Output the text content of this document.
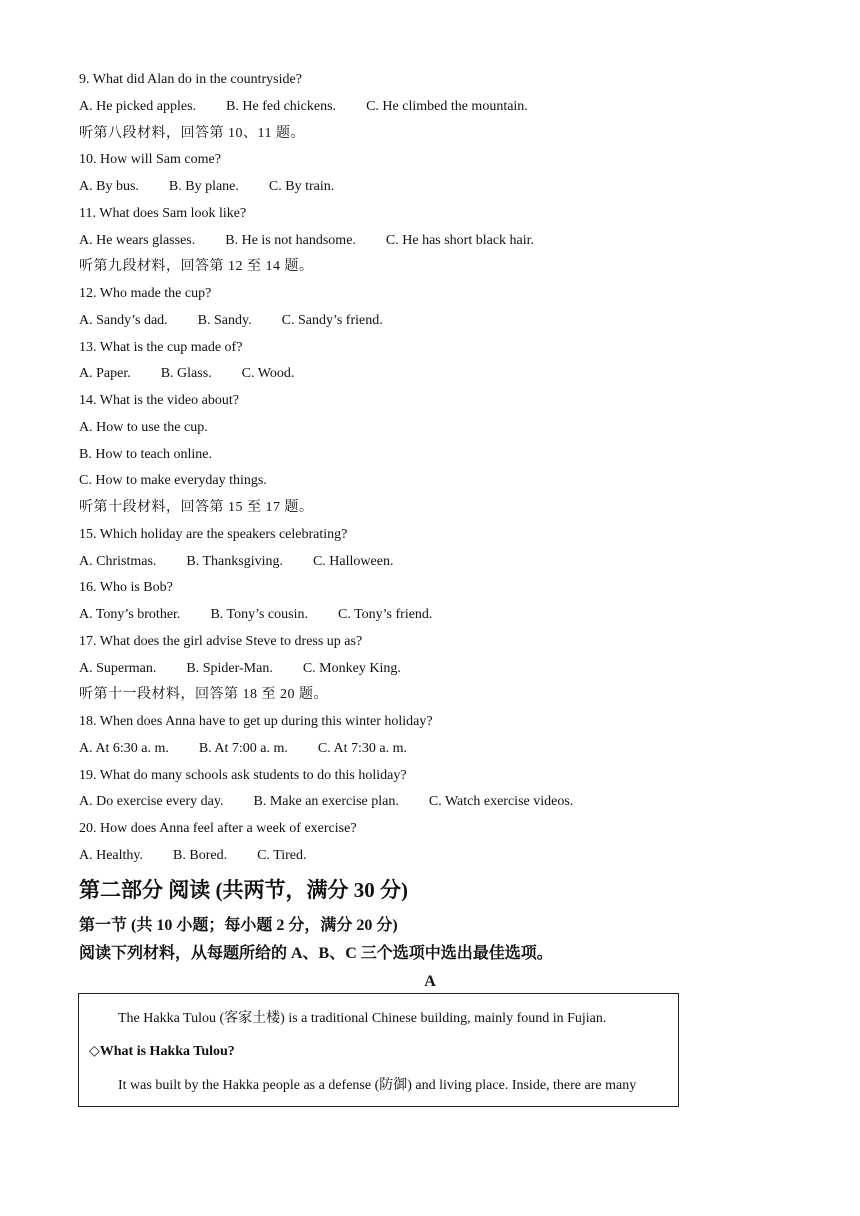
9. What did Alan do in the countryside?
A. He picked apples. B. He fed chickens. C. He climbed the mountain.
听第八段材料，回答第 10、11 题。
10. How will Sam come?
A. By bus. B. By plane. C. By train.
11. What does Sam look like?
A. He wears glasses. B. He is not handsome. C. He has short black hair.
听第九段材料，回答第 12 至 14 题。
12. Who made the cup?
A. Sandy’s dad. B. Sandy. C. Sandy’s friend.
13. What is the cup made of?
A. Paper. B. Glass. C. Wood.
14. What is the video about?
A. How to use the cup.
B. How to teach online.
C. How to make everyday things.
听第十段材料，回答第 15 至 17 题。
15. Which holiday are the speakers celebrating?
A. Christmas. B. Thanksgiving. C. Halloween.
16. Who is Bob?
A. Tony’s brother. B. Tony’s cousin. C. Tony’s friend.
17. What does the girl advise Steve to dress up as?
A. Superman. B. Spider-Man. C. Monkey King.
听第十一段材料，回答第 18 至 20 题。
18. When does Anna have to get up during this winter holiday?
A. At 6:30 a. m. B. At 7:00 a. m. C. At 7:30 a. m.
19. What do many schools ask students to do this holiday?
A. Do exercise every day. B. Make an exercise plan. C. Watch exercise videos.
20. How does Anna feel after a week of exercise?
A. Healthy. B. Bored. C. Tired.
第二部分 阅读 (共两节，满分 30 分)
第一节 (共 10 小题；每小题 2 分，满分 20 分)
阅读下列材料，从每题所给的 A、B、C 三个选项中选出最佳选项。
A
The Hakka Tulou (客家土楼) is a traditional Chinese building, mainly found in Fujian.
◇What is Hakka Tulou?
It was built by the Hakka people as a defense (防御) and living place. Inside, there are many
